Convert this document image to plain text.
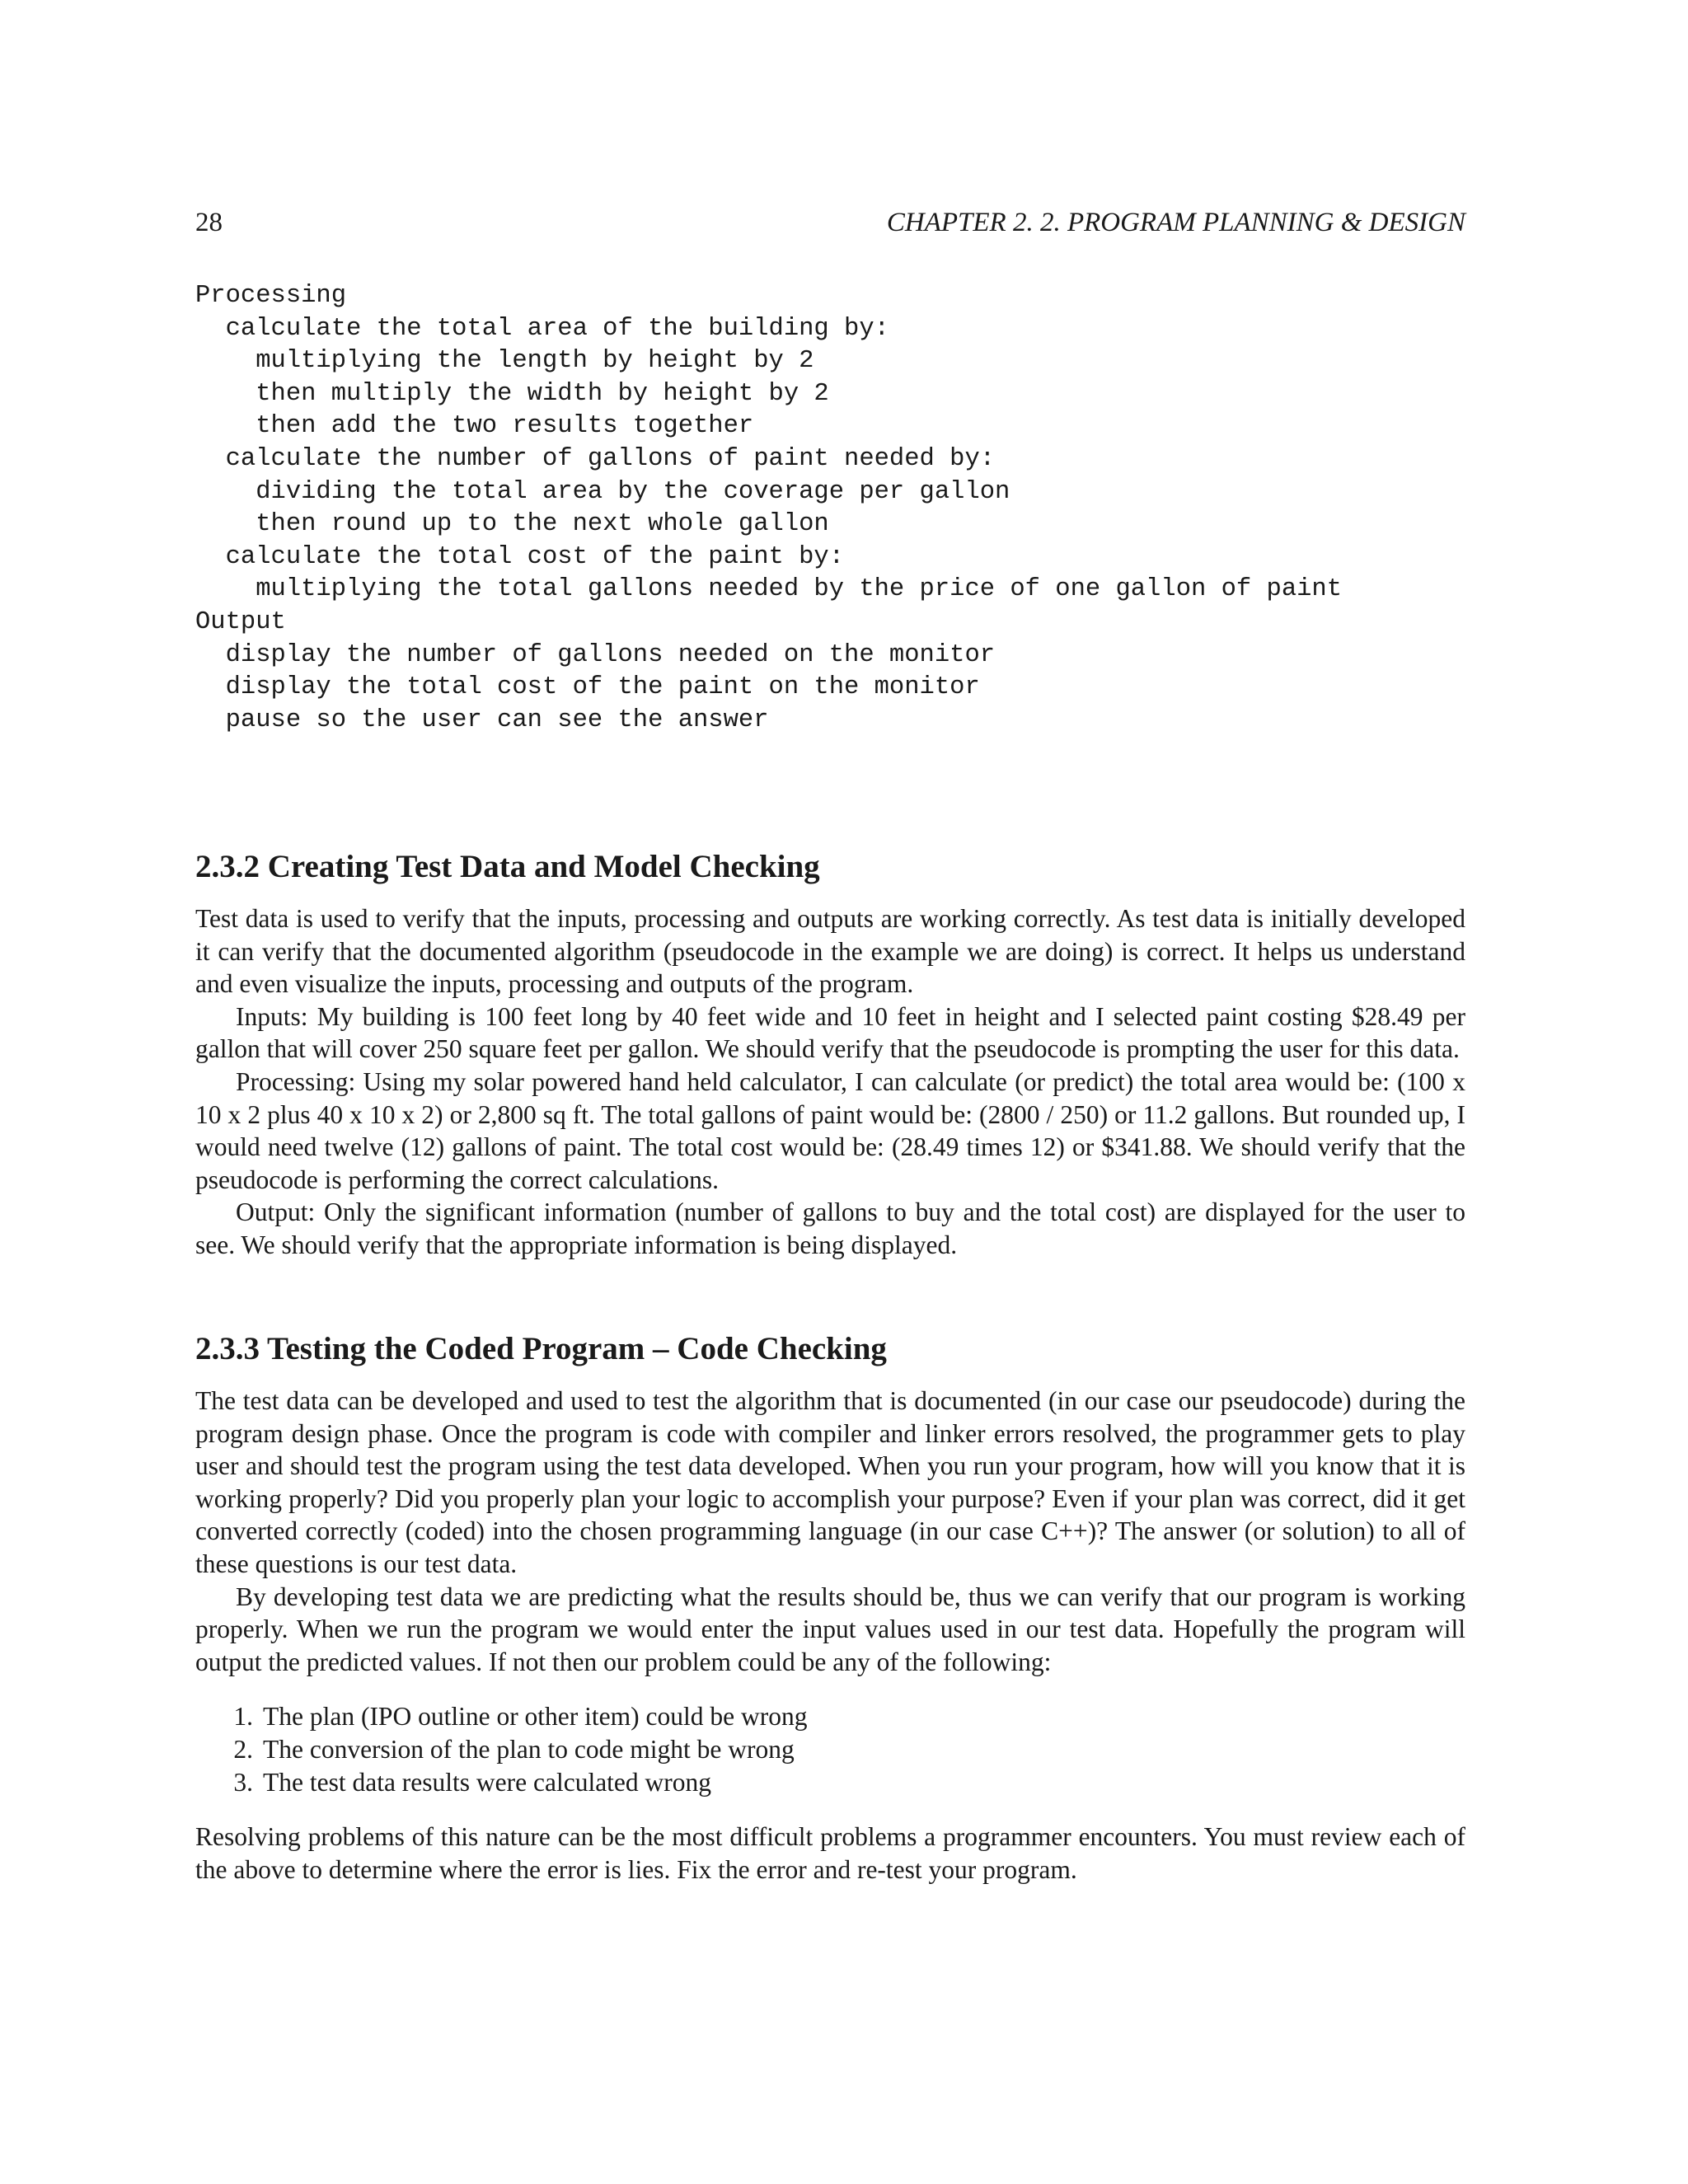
28	CHAPTER 2. 2. PROGRAM PLANNING & DESIGN
Processing
calculate the total area of the building by:
multiplying the length by height by 2
then multiply the width by height by 2
then add the two results together
calculate the number of gallons of paint needed by:
dividing the total area by the coverage per gallon
then round up to the next whole gallon
calculate the total cost of the paint by:
multiplying the total gallons needed by the price of one gallon of paint
Output
display the number of gallons needed on the monitor
display the total cost of the paint on the monitor
pause so the user can see the answer
2.3.2 Creating Test Data and Model Checking

Test data is used to verify that the inputs, processing and outputs are working correctly. As test data is initially developed it can verify that the documented algorithm (pseudocode in the example we are doing) is correct. It helps us understand and even visualize the inputs, processing and outputs of the program.

Inputs: My building is 100 feet long by 40 feet wide and 10 feet in height and I selected paint costing $28.49 per gallon that will cover 250 square feet per gallon. We should verify that the pseudocode is prompting the user for this data.

Processing: Using my solar powered hand held calculator, I can calculate (or predict) the total area would be: (100 x 10 x 2 plus 40 x 10 x 2) or 2,800 sq ft. The total gallons of paint would be: (2800 / 250) or 11.2 gallons. But rounded up, I would need twelve (12) gallons of paint. The total cost would be: (28.49 times 12) or $341.88. We should verify that the pseudocode is performing the correct calculations.

Output: Only the significant information (number of gallons to buy and the total cost) are displayed for the user to see. We should verify that the appropriate information is being displayed.

2.3.3 Testing the Coded Program – Code Checking

The test data can be developed and used to test the algorithm that is documented (in our case our pseudocode) during the program design phase. Once the program is code with compiler and linker errors resolved, the programmer gets to play user and should test the program using the test data developed. When you run your program, how will you know that it is working properly? Did you properly plan your logic to accomplish your purpose? Even if your plan was correct, did it get converted correctly (coded) into the chosen programming language (in our case C++)? The answer (or solution) to all of these questions is our test data.

By developing test data we are predicting what the results should be, thus we can verify that our program is working properly. When we run the program we would enter the input values used in our test data. Hopefully the program will output the predicted values. If not then our problem could be any of the following:

1. The plan (IPO outline or other item) could be wrong
2. The conversion of the plan to code might be wrong
3. The test data results were calculated wrong

Resolving problems of this nature can be the most difficult problems a programmer encounters. You must review each of the above to determine where the error is lies. Fix the error and re-test your program.
